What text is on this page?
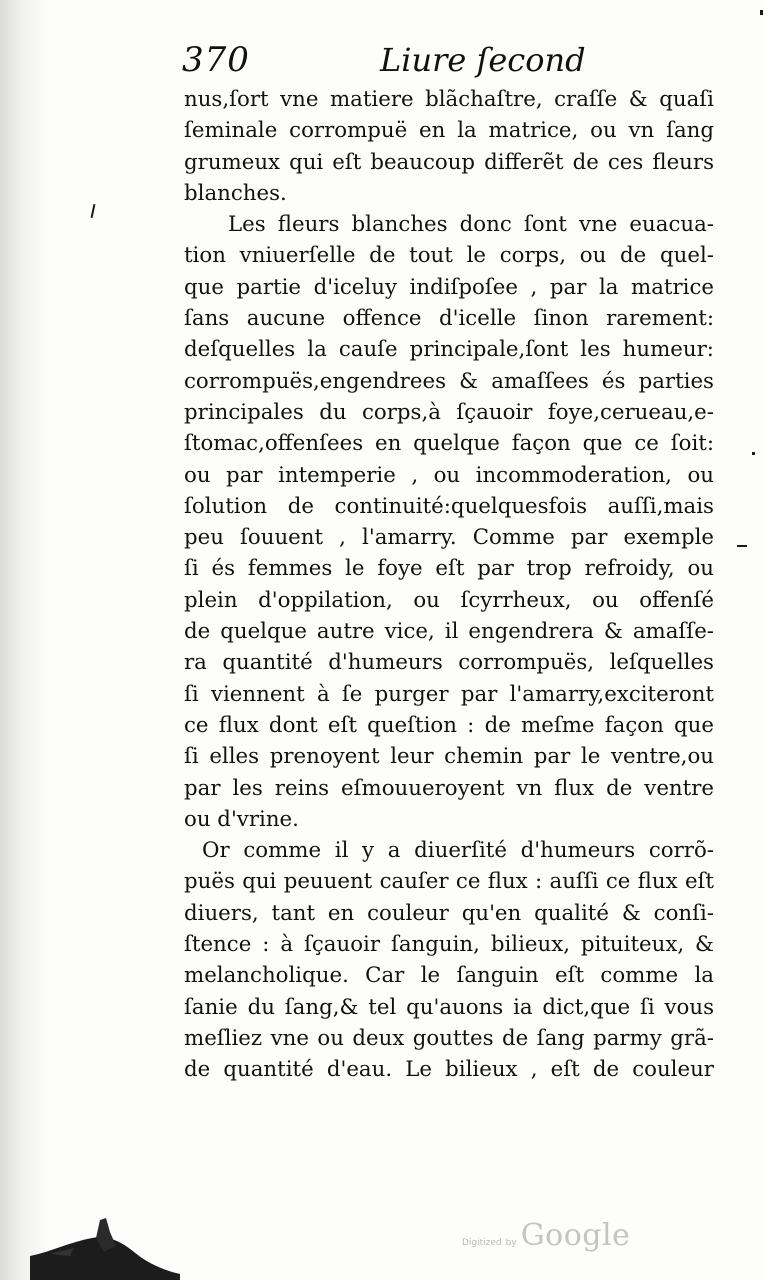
370	Liure ſecond
nus,ſort vne matiere blãchaſtre, craſſe & quaſi
ſeminale corrompuë en la matrice, ou vn ſang
grumeux qui eſt beaucoup differẽt de ces fleurs
blanches.
Les fleurs blanches donc ſont vne euacua-
tion vniuerſelle de tout le corps, ou de quel-
que partie d'iceluy indiſpoſee , par la matrice
ſans aucune offence d'icelle ſinon rarement:
deſquelles la cauſe principale,ſont les humeur:
corrompuës,engendrees & amaſſees és parties
principales du corps,à ſçauoir foye,cerueau,e-
ſtomac,offenſees en quelque façon que ce ſoit:
ou par intemperie , ou incommoderation, ou
ſolution de continuité:quelquesfois auſſi,mais
peu ſouuent , l'amarry. Comme par exemple
ſi és femmes le foye eſt par trop refroidy, ou
plein d'oppilation, ou ſcyrrheux, ou offenſé
de quelque autre vice, il engendrera & amaſſe-
ra quantité d'humeurs corrompuës, leſquelles
ſi viennent à ſe purger par l'amarry,exciteront
ce flux dont eſt queſtion : de meſme façon que
ſi elles prenoyent leur chemin par le ventre,ou
par les reins eſmouueroyent vn flux de ventre
ou d'vrine.
Or comme il y a diuerſité d'humeurs corrõ-
puës qui peuuent cauſer ce flux : auſſi ce flux eſt
diuers, tant en couleur qu'en qualité & conſi-
ſtence : à ſçauoir ſanguin, bilieux, pituiteux, &
melancholique. Car le ſanguin eſt comme la
ſanie du ſang,& tel qu'auons ia dict,que ſi vous
meſliez vne ou deux gouttes de ſang parmy grã-
de quantité d'eau. Le bilieux , eſt de couleur
Digitized by Google
